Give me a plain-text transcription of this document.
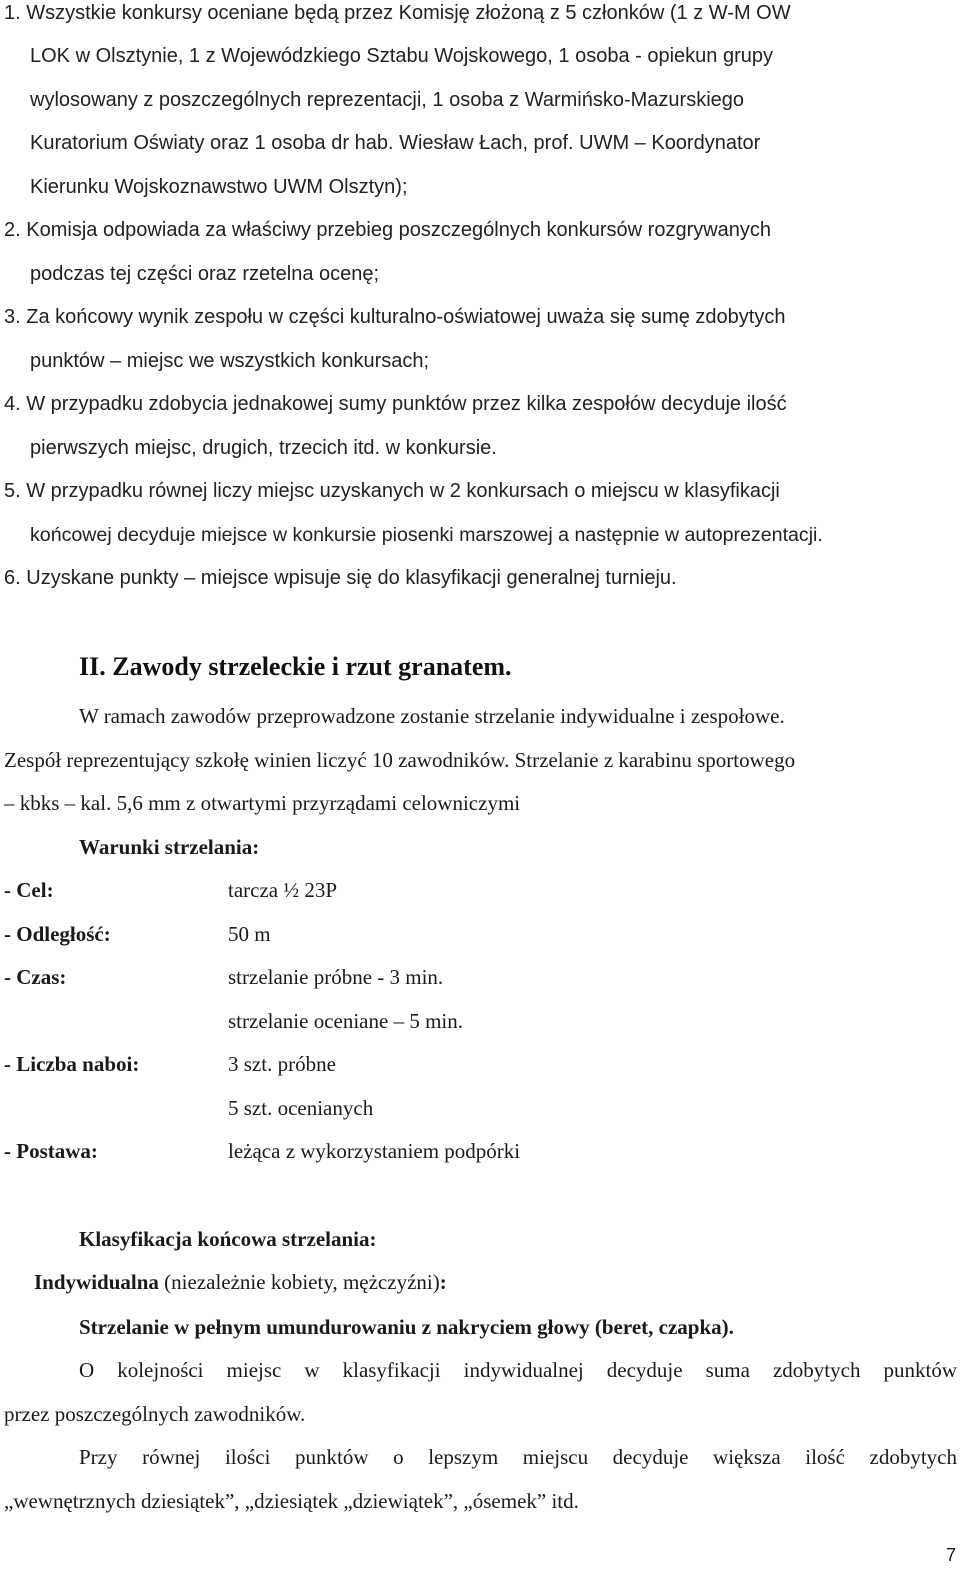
1. Wszystkie konkursy oceniane będą przez Komisję złożoną z 5 członków (1 z W-M OW
LOK w Olsztynie, 1 z Wojewódzkiego Sztabu Wojskowego, 1 osoba - opiekun grupy
wylosowany z poszczególnych reprezentacji, 1 osoba z Warmińsko-Mazurskiego
Kuratorium Oświaty oraz 1 osoba dr hab. Wiesław Łach, prof. UWM – Koordynator
Kierunku Wojskoznawstwo UWM Olsztyn);
2. Komisja odpowiada za właściwy przebieg poszczególnych konkursów rozgrywanych
podczas tej części oraz rzetelna ocenę;
3. Za końcowy wynik zespołu w części kulturalno-oświatowej uważa się sumę zdobytych
punktów – miejsc we wszystkich konkursach;
4. W przypadku zdobycia jednakowej sumy punktów przez kilka zespołów decyduje ilość
pierwszych miejsc, drugich, trzecich itd. w konkursie.
5. W przypadku równej liczy miejsc uzyskanych w 2 konkursach o miejscu w klasyfikacji
końcowej decyduje miejsce w konkursie piosenki marszowej a następnie w autoprezentacji.
6. Uzyskane punkty – miejsce wpisuje się do klasyfikacji generalnej turnieju.
II. Zawody strzeleckie i rzut granatem.
W ramach zawodów przeprowadzone zostanie strzelanie indywidualne i zespołowe.
Zespół reprezentujący szkołę winien liczyć 10 zawodników. Strzelanie z karabinu sportowego
– kbks – kal. 5,6 mm z otwartymi przyrządami celowniczymi
Warunki strzelania:
- Cel:	tarcza ½ 23P
- Odległość:	50 m
- Czas:	strzelanie próbne - 3 min.
strzelanie oceniane – 5 min.
- Liczba naboi:	3 szt. próbne
5 szt. ocenianych
- Postawa:	leżąca z wykorzystaniem podpórki
Klasyfikacja końcowa strzelania:
Indywidualna (niezależnie kobiety, mężczyźni):
Strzelanie w pełnym umundurowaniu z nakryciem głowy (beret, czapka).
O kolejności miejsc w klasyfikacji indywidualnej decyduje suma zdobytych punktów
przez poszczególnych zawodników.
Przy równej ilości punktów o lepszym miejscu decyduje większa ilość zdobytych
„wewnętrznych dziesiątek”, „dziesiątek „dziewiątek”, „ósemek” itd.
7
